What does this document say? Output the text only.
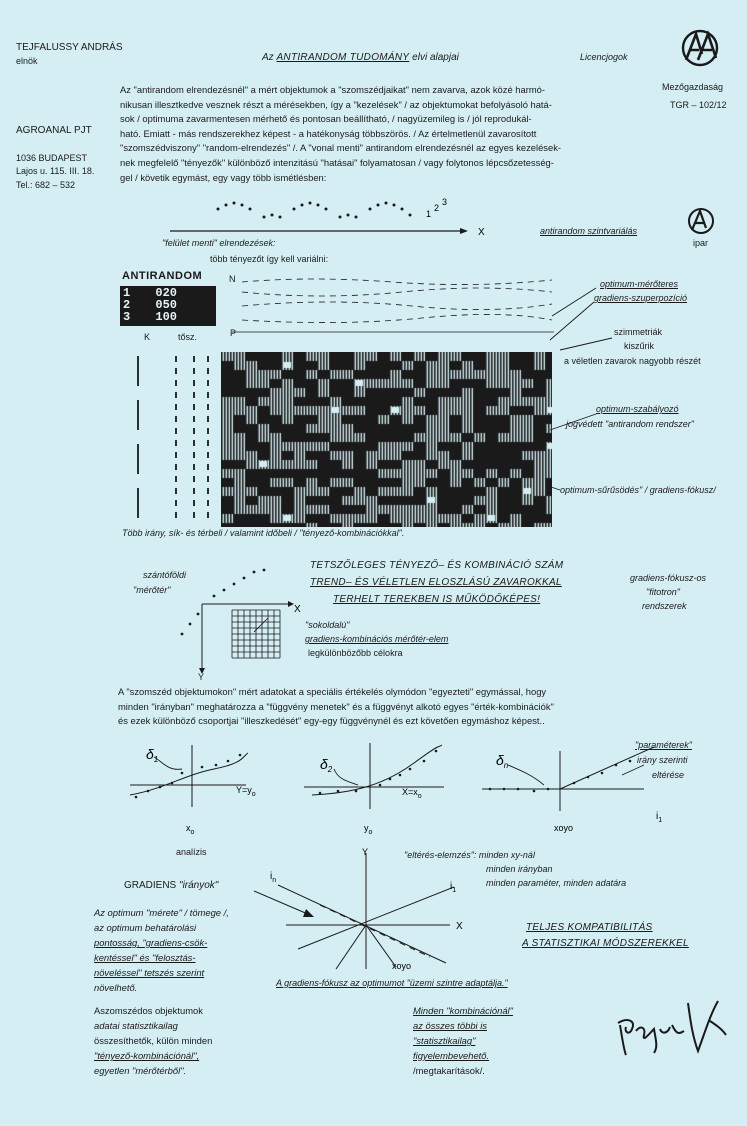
TEJFALUSSY ANDRÁS
elnök	Az ANTIRANDOM TUDOMÁNY elvi alapjai	Licencjogok
Mezőgazdaság
TGR – 102/12
AGROANAL PJT
1036 BUDAPEST
Lajos u. 115. III. 18.
Tel.: 682 – 532
Az "antirandom elrendezésnél" a mért objektumok a "szomszédjaikat" nem zavarva, azok közé harmó-
nikusan illesztkedve vesznek részt a mérésekben, így a "kezelések" / az objektumokat befolyásoló hatá-
sok / optimuma zavarmentesen mérhető és pontosan beállítható, / nagyüzemileg is / jól reprodukál-
ható. Emiatt - más rendszerekhez képest - a hatékonyság többszörös. / Az értelmetlenül zavarosított
"szomszédviszony" "random-elrendezés" /. A "vonal menti" antirandom elrendezésnél az egyes kezelések-
nek megfelelő "tényezők" különböző intenzitású "hatásai" folyamatosan / vagy folytonos lépcsőzetesség-
gel / követik egymást, egy vagy több ismétlésben:
1
2
3
X	antirandom szintvariálás
ipar
"felület menti" elrendezések:
több tényezőt így kell variálni:
ANTIRANDOM
1 020
2 050
3 100
K	tősz.
N
P
optimum-mérőteres
gradiens-szuperpozíció
szimmetriák
kiszűrik
a véletlen zavarok nagyobb részét
optimum-szabályozó
jogvédett "antirandom rendszer"
optimum-sűrűsödés" / gradiens-fókusz/
Több irány, sík- és térbeli / valamint időbeli / "tényező-kombinációkkal".
szántóföldi
"mérőtér"
TETSZŐLEGES TÉNYEZŐ– ÉS KOMBINÁCIÓ SZÁM
TREND– ÉS VÉLETLEN ELOSZLÁSÚ ZAVAROKKAL
TERHELT TEREKBEN IS MŰKÖDŐKÉPES!
gradiens-fókusz-os
"fitotron"
rendszerek
X
Y
"sokoldalú"
gradiens-kombinációs mérőtér-elem
legkülönbözőbb célokra
A "szomszéd objektumokon" mért adatokat a speciális értékelés olymódon "egyezteti" egymással, hogy
minden "irányban" meghatározza a "függvény menetek" és a függvényt alkotó egyes "érték-kombinációk"
és ezek különböző csoportjai "illeszkedését" egy-egy függvénynél és ezt követően egymáshoz képest..
$\delta_1$
$Y=y_o$
$x_o$
$\delta_2$
$X=x_o$
$y_o$
$\delta_n$
xoyo
$i_1$
"paraméterek"
irány szerinti
eltérése
analízis
GRADIENS "irányok"
Y
X
$i_n$
$i_1$
xoyo
"eltérés-elemzés": minden xy-nál
minden irányban
minden paraméter, minden adatára
TELJES KOMPATIBILITÁS
A STATISZTIKAI MÓDSZEREKKEL
A gradiens-fókusz az optimumot "üzemi szintre adaptálja."
Az optimum "mérete" / tömege /,
az optimum behatárolási
pontosság, "gradiens-csök-
kentéssel" és "felosztás-
növeléssel" tetszés szerint
növelhető.
Aszomszédos objektumok
adatai statisztikailag
összesíthetők, külön minden
"tényező-kombinációnál",
egyetlen "mérőtérből".
Minden "kombinációnál"
az összes többi is
"statisztikailag"
figyelembevehető.
/megtakarítások/.
